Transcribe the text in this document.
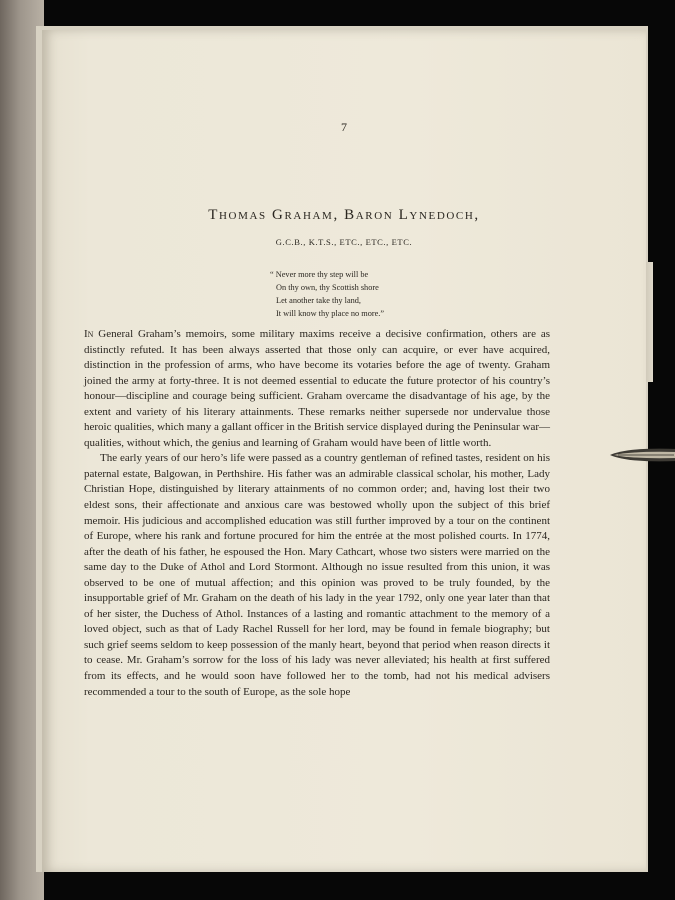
7
Thomas Graham, Baron Lynedoch,
G.C.B., K.T.S., ETC., ETC., ETC.
“ Never more thy step will be
On thy own, thy Scottish shore
Let another take thy land,
It will know thy place no more.”

In General Graham’s memoirs, some military maxims receive a decisive confirmation, others are as distinctly refuted. It has been always asserted that those only can acquire, or ever have acquired, distinction in the profession of arms, who have become its votaries before the age of twenty. Graham joined the army at forty-three. It is not deemed essential to educate the future protector of his country’s honour—discipline and courage being sufficient. Graham overcame the disadvantage of his age, by the extent and variety of his literary attainments. These remarks neither supersede nor undervalue those heroic qualities, which many a gallant officer in the British service displayed during the Peninsular war—qualities, without which, the genius and learning of Graham would have been of little worth.

The early years of our hero’s life were passed as a country gentleman of refined tastes, resident on his paternal estate, Balgowan, in Perthshire. His father was an admirable classical scholar, his mother, Lady Christian Hope, distinguished by literary attainments of no common order; and, having lost their two eldest sons, their affectionate and anxious care was bestowed wholly upon the subject of this brief memoir. His judicious and accomplished education was still further improved by a tour on the continent of Europe, where his rank and fortune procured for him the entrée at the most polished courts. In 1774, after the death of his father, he espoused the Hon. Mary Cathcart, whose two sisters were married on the same day to the Duke of Athol and Lord Stormont. Although no issue resulted from this union, it was observed to be one of mutual affection; and this opinion was proved to be truly founded, by the insupportable grief of Mr. Graham on the death of his lady in the year 1792, only one year later than that of her sister, the Duchess of Athol. Instances of a lasting and romantic attachment to the memory of a loved object, such as that of Lady Rachel Russell for her lord, may be found in female biography; but such grief seems seldom to keep possession of the manly heart, beyond that period when reason directs it to cease. Mr. Graham’s sorrow for the loss of his lady was never alleviated; his health at first suffered from its effects, and he would soon have followed her to the tomb, had not his medical advisers recommended a tour to the south of Europe, as the sole hope
